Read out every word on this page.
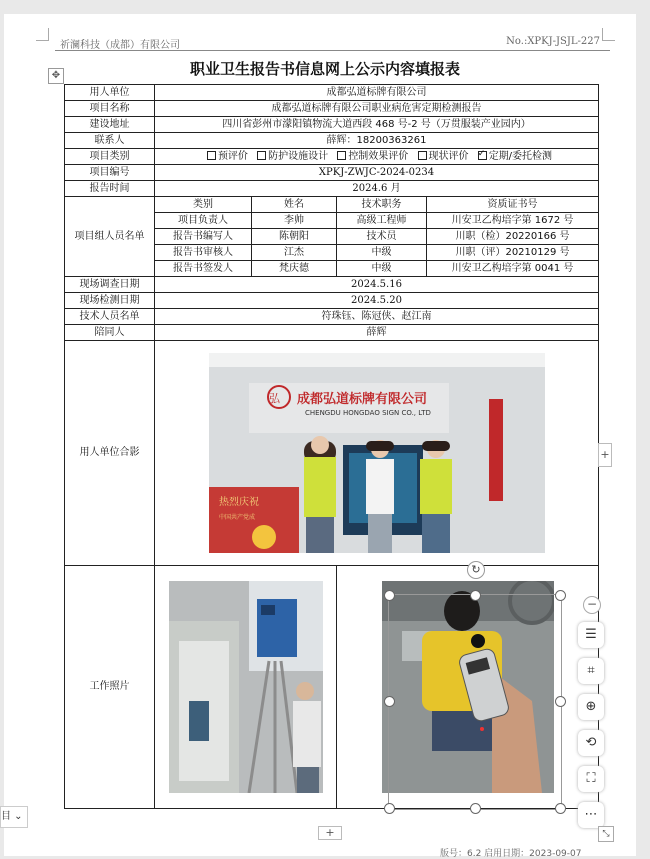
祈澜科技（成都）有限公司	No.:XPKJ-JSJL-227
✥	职业卫生报告书信息网上公示内容填报表
用人单位	成都弘道标牌有限公司			
项目名称	成都弘道标牌有限公司职业病危害定期检测报告			
建设地址	四川省彭州市濛阳镇物流大道西段 468 号-2 号（万贯服装产业园内）			
联系人	薛辉：18200363261			
项目类别	预评价 防护设施设计 控制效果评价 现状评价 ✓ 定期/委托检测
项目编号	XPKJ-ZWJC-2024-0234			
报告时间	2024.6 月			
项目组人员名单	类别	姓名	技术职务	资质证书号
	项目负责人	李帅	高级工程师	川安卫乙构培字第 1672 号
	报告书编写人	陈朝阳	技术员	川职（检）20220166 号
	报告书审核人	江杰	中级	川职（评）20210129 号
	报告书签发人	梵庆德	中级	川安卫乙构培字第 0041 号
现场调查日期	2024.5.16			
现场检测日期	2024.5.20			
技术人员名单	符珠钰、陈冠侠、赵江南			
陪同人	薛辉			
用人单位合影	弘 成都弘道标牌有限公司
CHENGDU HONGDAO SIGN CO., LTD
热烈庆祝
中国共产党成			

工作照片	

↻
+
+
−
☰
⌗
⊕
⟲
⛶
⋯
⤡
目 ⌄
版号：6.2 启用日期：2023-09-07
